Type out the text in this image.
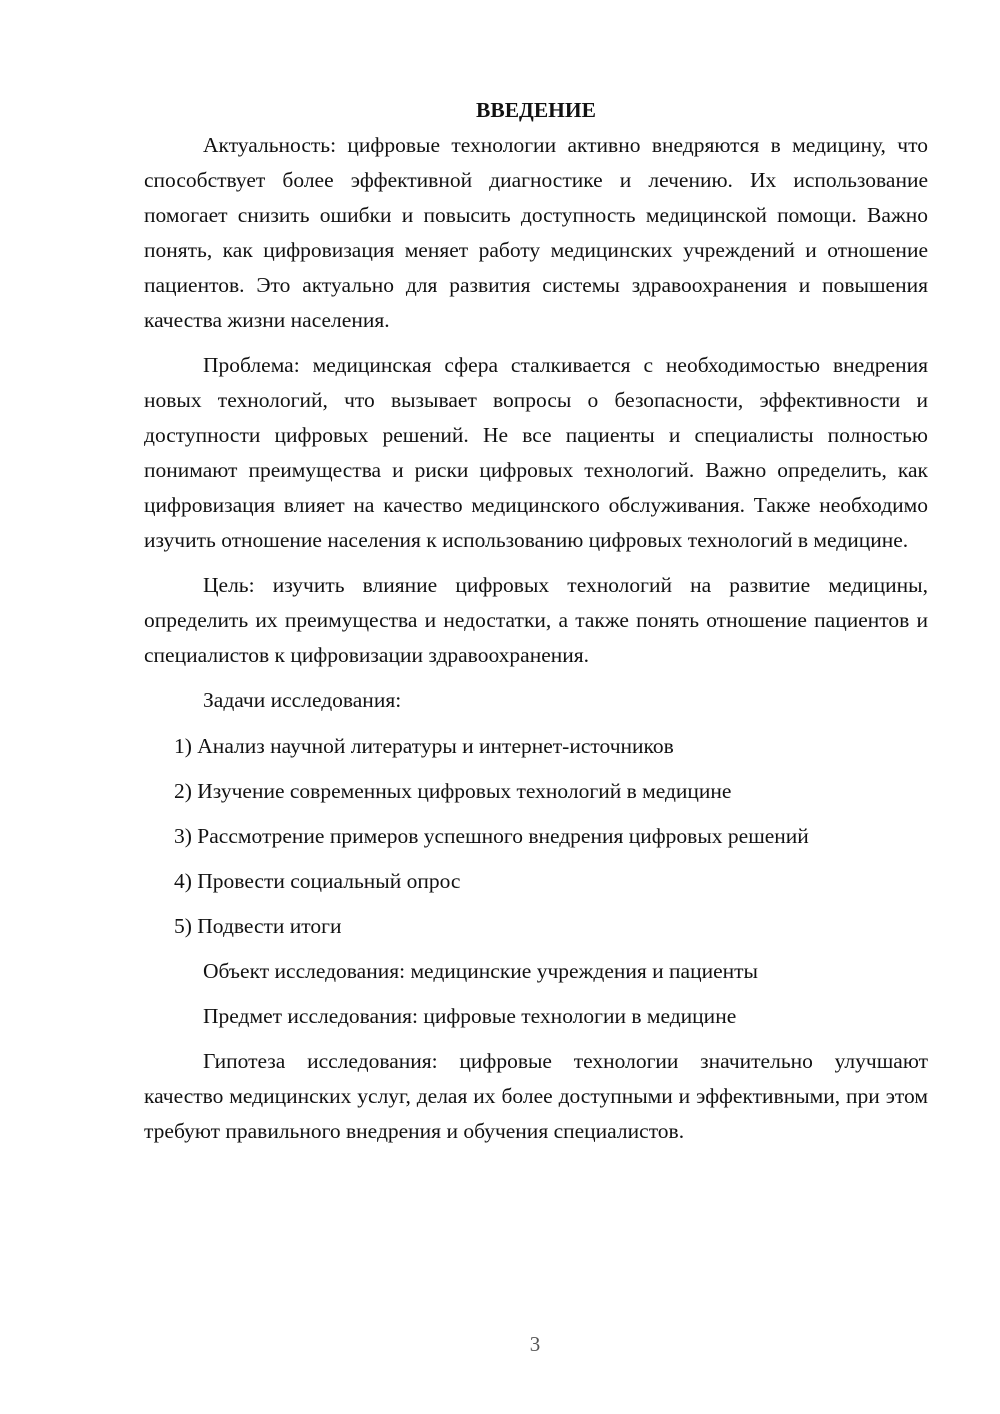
ВВЕДЕНИЕ

Актуальность: цифровые технологии активно внедряются в медицину, что способствует более эффективной диагностике и лечению. Их использование помогает снизить ошибки и повысить доступность медицинской помощи. Важно понять, как цифровизация меняет работу медицинских учреждений и отношение пациентов. Это актуально для развития системы здравоохранения и повышения качества жизни населения.

Проблема: медицинская сфера сталкивается с необходимостью внедрения новых технологий, что вызывает вопросы о безопасности, эффективности и доступности цифровых решений. Не все пациенты и специалисты полностью понимают преимущества и риски цифровых технологий. Важно определить, как цифровизация влияет на качество медицинского обслуживания. Также необходимо изучить отношение населения к использованию цифровых технологий в медицине.

Цель: изучить влияние цифровых технологий на развитие медицины, определить их преимущества и недостатки, а также понять отношение пациентов и специалистов к цифровизации здравоохранения.

Задачи исследования:

1) Анализ научной литературы и интернет-источников

2) Изучение современных цифровых технологий в медицине

3) Рассмотрение примеров успешного внедрения цифровых решений

4) Провести социальный опрос

5) Подвести итоги

Объект исследования: медицинские учреждения и пациенты

Предмет исследования: цифровые технологии в медицине

Гипотеза исследования: цифровые технологии значительно улучшают качество медицинских услуг, делая их более доступными и эффективными, при этом требуют правильного внедрения и обучения специалистов.

3
